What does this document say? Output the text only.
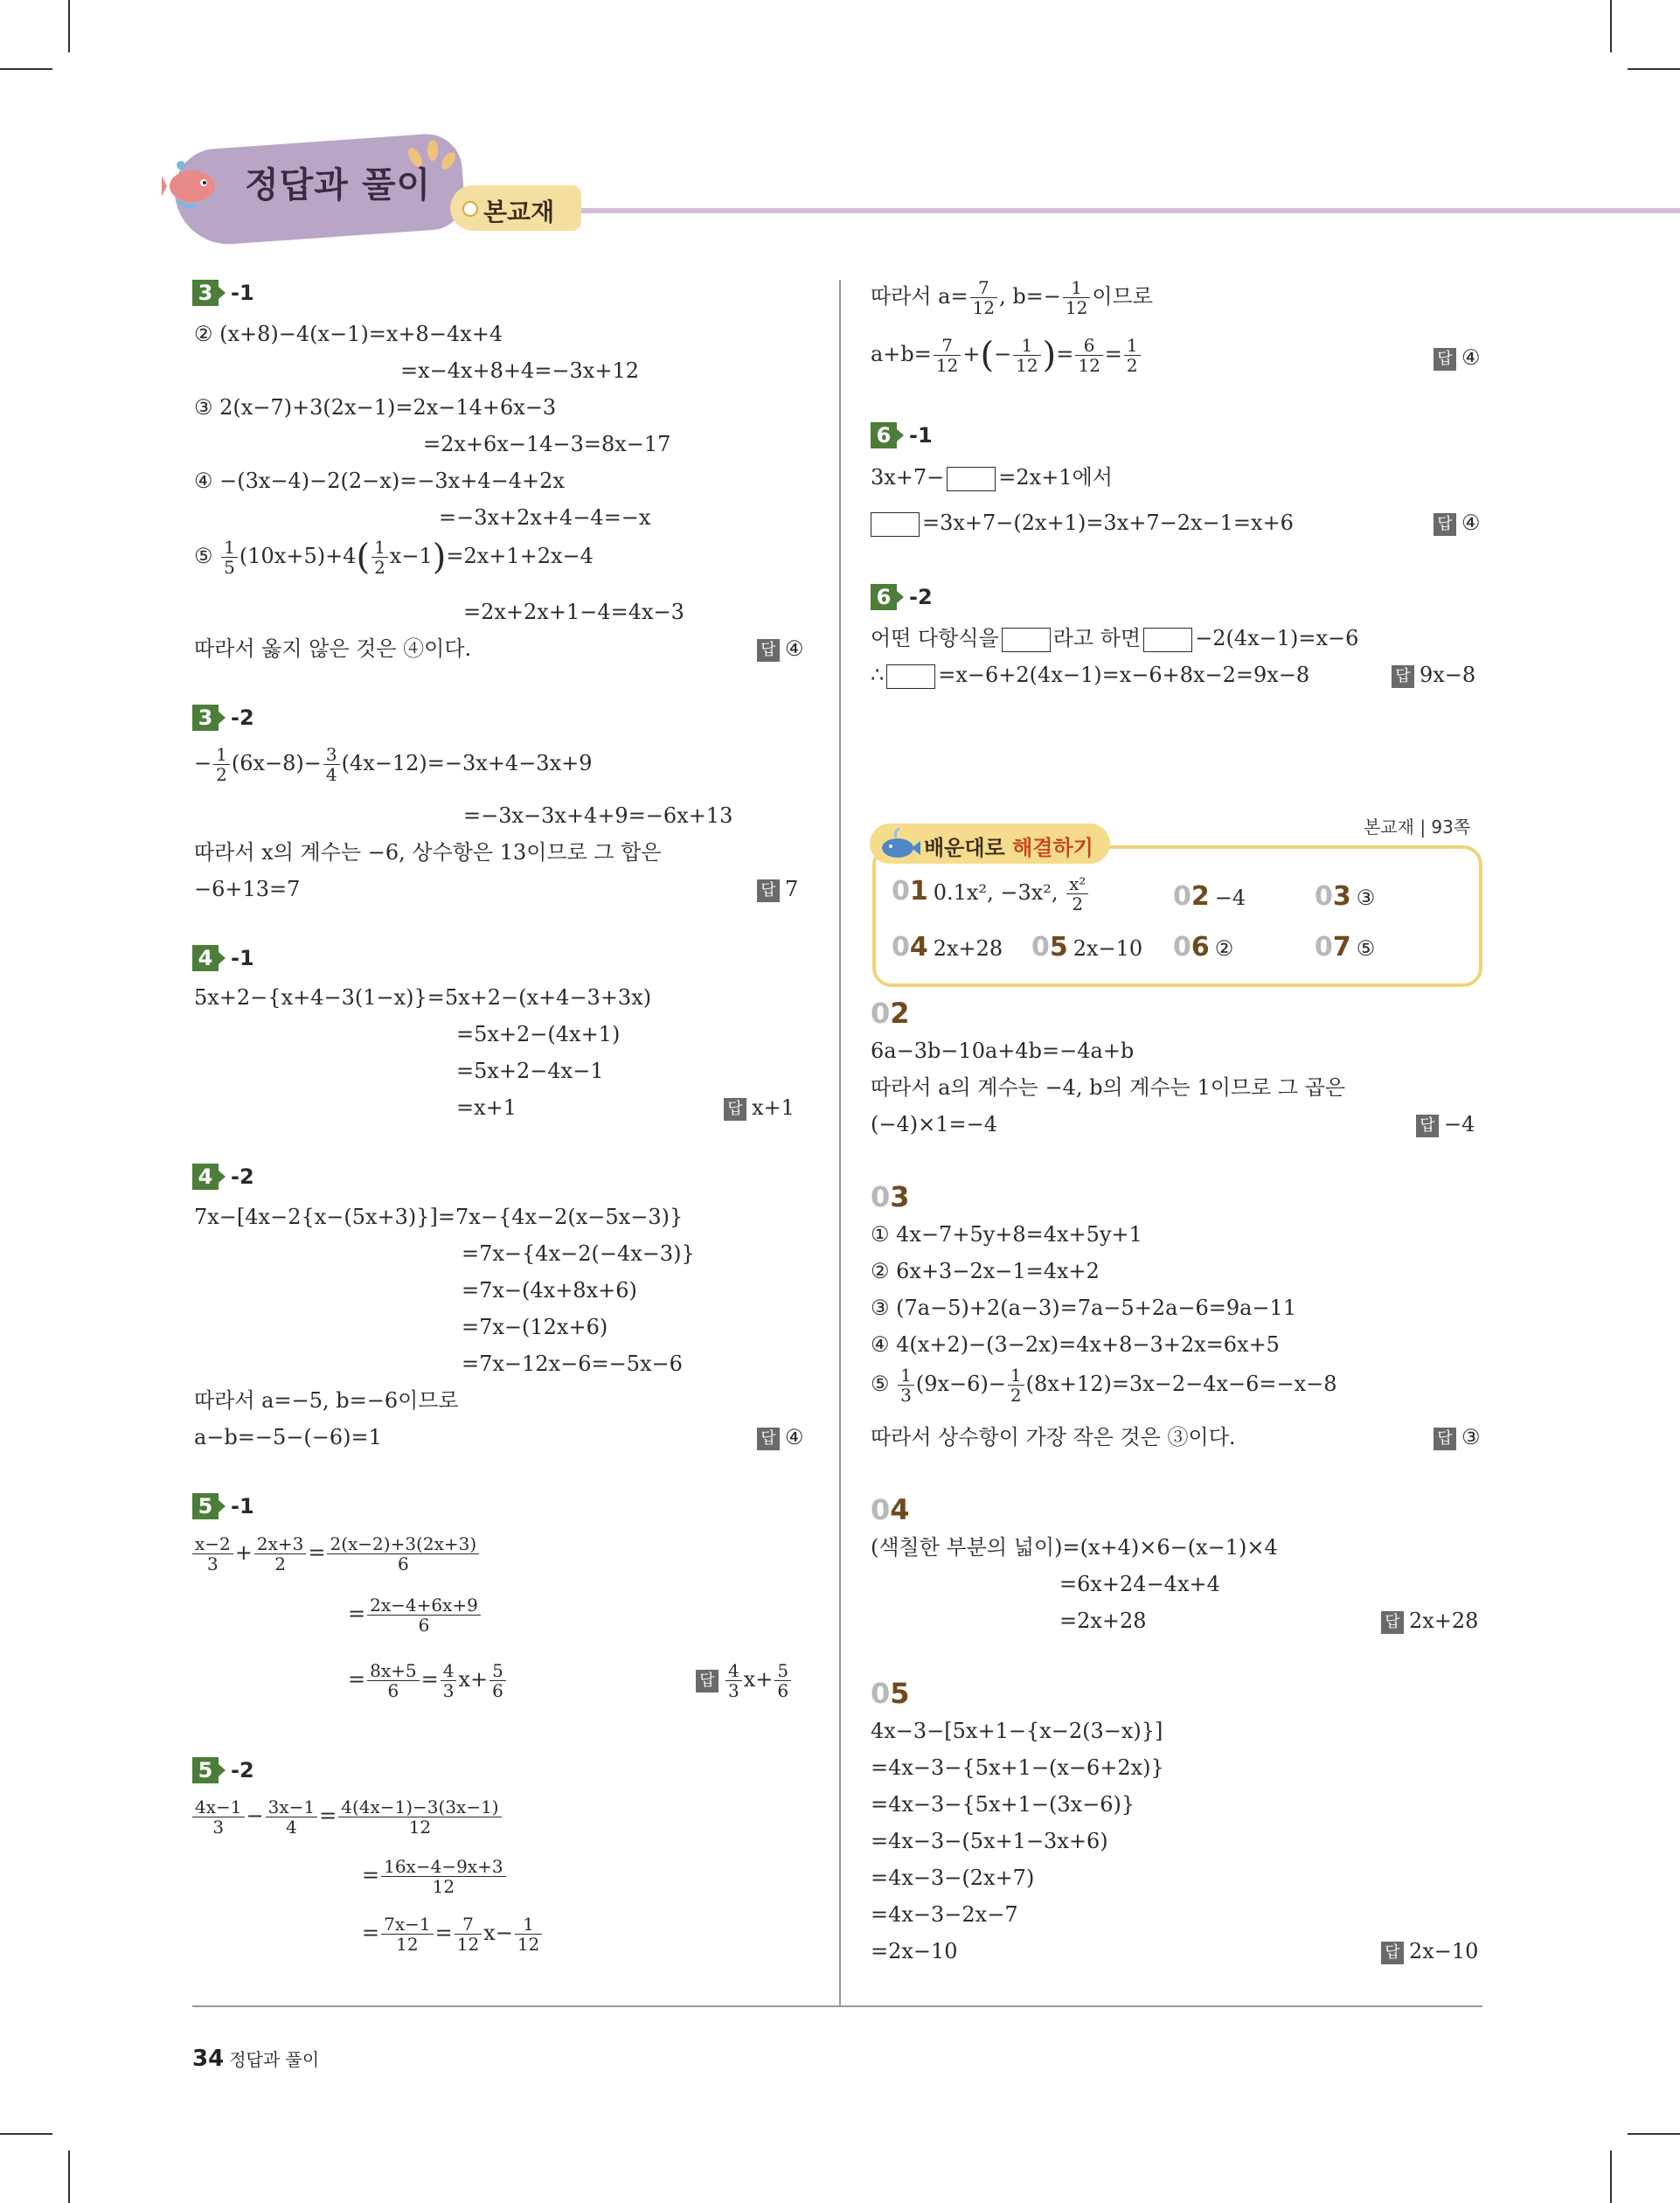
정답과 풀이
본교재
3 -1
② (x+8)−4(x−1)=x+8−4x+4
=x−4x+8+4=−3x+12
③ 2(x−7)+3(2x−1)=2x−14+6x−3
=2x+6x−14−3=8x−17
④ −(3x−4)−2(2−x)=−3x+4−4+2x
=−3x+2x+4−4=−x
⑤ $\frac{1}{5} (10x+5)+4( \frac{1}{2} x-1)=2x+1+2x-4$
=2x+2x+1−4=4x−3
따라서 옳지 않은 것은 ④이다.	답 ④
3 -2
− $\frac{1}{2} (6x-8)- \frac{3}{4} (4x-12)=-3x+4-3x+9$
=−3x−3x+4+9=−6x+13
따라서 x의 계수는 −6, 상수항은 13이므로 그 합은
−6+13=7	답 7
4 -1
5x+2−{x+4−3(1−x)}=5x+2−(x+4−3+3x)
=5x+2−(4x+1)
=5x+2−4x−1
=x+1	답 x+1
4 -2
7x−[4x−2{x−(5x+3)}]=7x−{4x−2(x−5x−3)}
=7x−{4x−2(−4x−3)}
=7x−(4x+8x+6)
=7x−(12x+6)
=7x−12x−6=−5x−6
따라서 a=−5, b=−6이므로
a−b=−5−(−6)=1	답 ④
5 -1
$\frac{x-2}{3} + \frac{2x+3}{2} = \frac{2(x-2)+3(2x+3)}{6}$
= $\frac{2x-4+6x+9}{6}$
= $\frac{8x+5}{6} = \frac{4}{3} x+ \frac{5}{6}$	답 $\frac{4}{3} x+ \frac{5}{6}$
5 -2
$\frac{4x-1}{3} - \frac{3x-1}{4} = \frac{4(4x-1)-3(3x-1)}{12}$
= $\frac{16x-4-9x+3}{12}$
= $\frac{7x-1}{12} = \frac{7}{12} x- \frac{1}{12}$
따라서 $a= \frac{7}{12}$ , $b=- \frac{1}{12}$ 이므로
$a+b= \frac{7}{12}$ +(− $\frac{1}{12}$ )= $\frac{6}{12} = \frac{1}{2}$	답 ④
6 -1
3x+7−	=2x+1에서
=3x+7−(2x+1)=3x+7−2x−1=x+6	답 ④
6 -2
어떤 다항식을	라고 하면	−2(4x−1)=x−6
∴	=x−6+2(4x−1)=x−6+8x−2=9x−8	답 9x−8
본교재 | 93쪽
배운대로 해결하기
01 0.1x², −3x², $\frac{\text{x²}}{2}$	02 −4	03 ③
04 2x+28 05 2x−10 06 ②	07 ⑤
02
6a−3b−10a+4b=−4a+b
따라서 a의 계수는 −4, b의 계수는 1이므로 그 곱은
(−4)×1=−4	답 −4
03
① 4x−7+5y+8=4x+5y+1
② 6x+3−2x−1=4x+2
③ (7a−5)+2(a−3)=7a−5+2a−6=9a−11
④ 4(x+2)−(3−2x)=4x+8−3+2x=6x+5
⑤ $\frac{1}{3} (9x-6)- \frac{1}{2} (8x+12)=3x-2-4x-6=-x-8$
따라서 상수항이 가장 작은 것은 ③이다.	답 ③
04
(색칠한 부분의 넓이)=(x+4)×6−(x−1)×4
=6x+24−4x+4
=2x+28	답 2x+28
05
4x−3−[5x+1−{x−2(3−x)}]
=4x−3−{5x+1−(x−6+2x)}
=4x−3−{5x+1−(3x−6)}
=4x−3−(5x+1−3x+6)
=4x−3−(2x+7)
=4x−3−2x−7
=2x−10	답 2x−10
34 정답과 풀이
